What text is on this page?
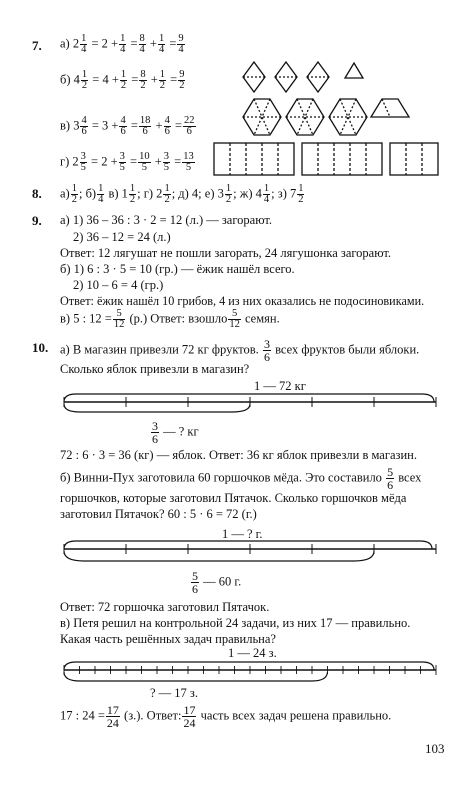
7. а) $2 \frac{1}{4} = 2 + \frac{1}{4} = \frac{8}{4} + \frac{1}{4} = \frac{9}{4}$
б) $4 \frac{1}{2} = 4 + \frac{1}{2} = \frac{8}{2} + \frac{1}{2} = \frac{9}{2}$
в) $3 \frac{4}{6} = 3 + \frac{4}{6} = \frac{18}{6} + \frac{4}{6} = \frac{22}{6}$
г) $2 \frac{3}{5} = 2 + \frac{3}{5} = \frac{10}{5} + \frac{3}{5} = \frac{13}{5}$
8. $а) \frac{1}{2}$ ; $б) \frac{1}{4} в$) $1 \frac{1}{2}$ ; г) $2 \frac{1}{2}$ ; д) 4; е) $3 \frac{1}{2}$ ; ж) $4 \frac{1}{4}$ ; з) $7 \frac{1}{2}$
9. а) 1) 36 – 36 : 3 · 2 = 12 (л.) — загорают.
2) 36 – 12 = 24 (л.)
Ответ: 12 лягушат не пошли загорать, 24 лягушонка загорают.
б) 1) 6 : 3 · 5 = 10 (гр.) — ёжик нашёл всего.
2) 10 – 6 = 4 (гр.)
Ответ: ёжик нашёл 10 грибов, 4 из них оказались не подосиновиками.
в) 5 : $12 = \frac{5}{12} (р.)$ Ответ: взошло $\frac{5}{12}$ семян.
10. а) В магазин привезли 72 кг фруктов. $\frac{3}{6}$ всех фруктов были яблоки.
Сколько яблок привезли в магазин?
1 — 72 кг
$\frac{3}{6}$ — ? кг
72 : 6 · 3 = 36 (кг) — яблок. Ответ: 36 кг яблок привезли в магазин.
б) Винни-Пух заготовила 60 горшочков мёда. Это составило $\frac{5}{6}$ всех
горшочков, которые заготовил Пятачок. Сколько горшочков мёда
заготовил Пятачок? 60 : 5 · 6 = 72 (г.)
1 — ? г.
$\frac{5}{6}$ — 60 г.
Ответ: 72 горшочка заготовил Пятачок.
в) Петя решил на контрольной 24 задачи, из них 17 — правильно.
Какая часть решённых задач правильна?
1 — 24 з.
? — 17 з.
17 : $24 = \frac{17}{24} (з.)$. Ответ: $\frac{17}{24}$ часть всех задач решена правильно.
103
